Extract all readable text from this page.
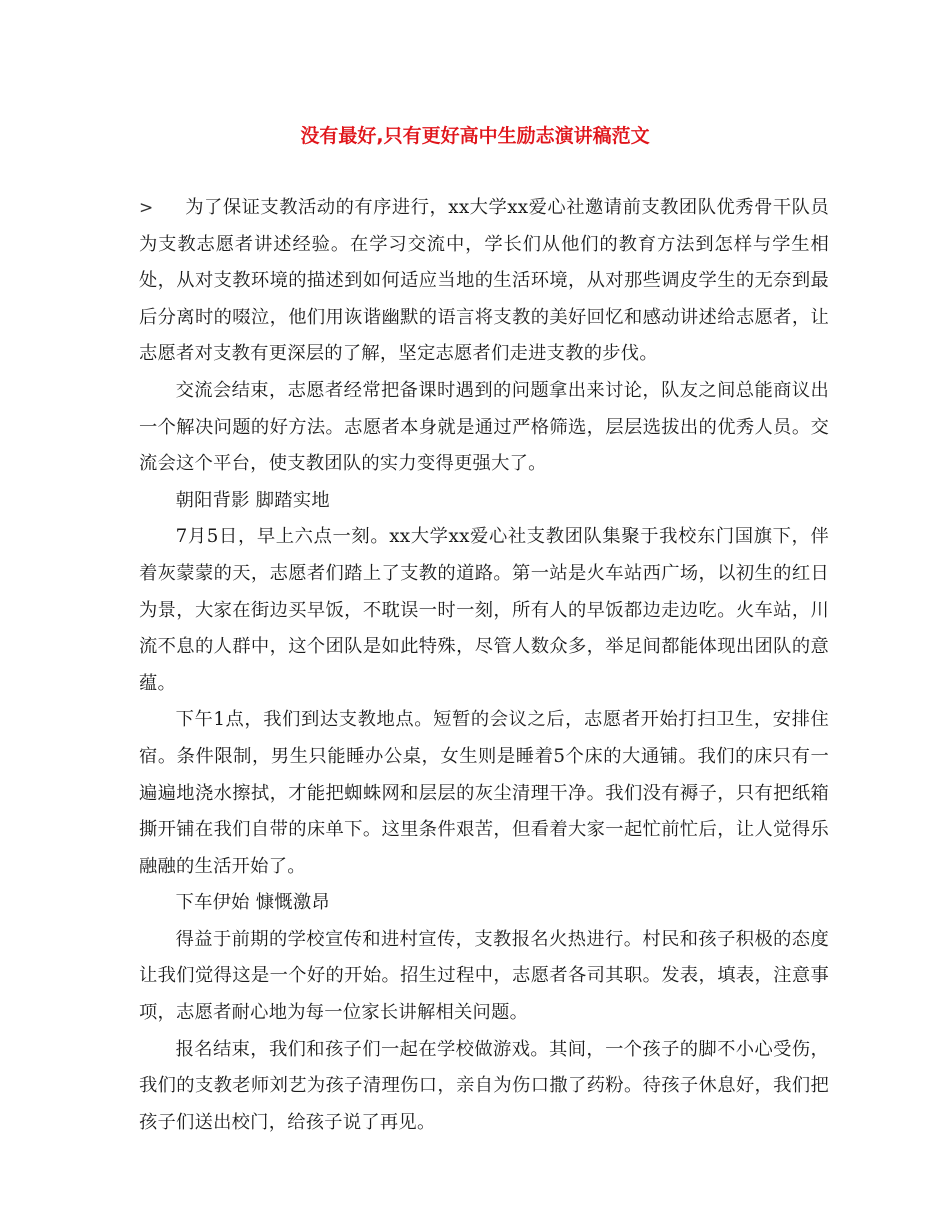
没有最好,只有更好高中生励志演讲稿范文

> 为了保证支教活动的有序进行，xx大学xx爱心社邀请前支教团队优秀骨干队员为支教志愿者讲述经验。在学习交流中，学长们从他们的教育方法到怎样与学生相处，从对支教环境的描述到如何适应当地的生活环境，从对那些调皮学生的无奈到最后分离时的啜泣，他们用诙谐幽默的语言将支教的美好回忆和感动讲述给志愿者，让志愿者对支教有更深层的了解，坚定志愿者们走进支教的步伐。

交流会结束，志愿者经常把备课时遇到的问题拿出来讨论，队友之间总能商议出一个解决问题的好方法。志愿者本身就是通过严格筛选，层层选拔出的优秀人员。交流会这个平台，使支教团队的实力变得更强大了。

朝阳背影 脚踏实地

7月5日，早上六点一刻。xx大学xx爱心社支教团队集聚于我校东门国旗下，伴着灰蒙蒙的天，志愿者们踏上了支教的道路。第一站是火车站西广场，以初生的红日为景，大家在街边买早饭，不耽误一时一刻，所有人的早饭都边走边吃。火车站，川流不息的人群中，这个团队是如此特殊，尽管人数众多，举足间都能体现出团队的意蕴。

下午1点，我们到达支教地点。短暂的会议之后，志愿者开始打扫卫生，安排住宿。条件限制，男生只能睡办公桌，女生则是睡着5个床的大通铺。我们的床只有一遍遍地浇水擦拭，才能把蜘蛛网和层层的灰尘清理干净。我们没有褥子，只有把纸箱撕开铺在我们自带的床单下。这里条件艰苦，但看着大家一起忙前忙后，让人觉得乐融融的生活开始了。

下车伊始 慷慨激昂

得益于前期的学校宣传和进村宣传，支教报名火热进行。村民和孩子积极的态度让我们觉得这是一个好的开始。招生过程中，志愿者各司其职。发表，填表，注意事项，志愿者耐心地为每一位家长讲解相关问题。

报名结束，我们和孩子们一起在学校做游戏。其间，一个孩子的脚不小心受伤，我们的支教老师刘艺为孩子清理伤口，亲自为伤口撒了药粉。待孩子休息好，我们把孩子们送出校门，给孩子说了再见。
